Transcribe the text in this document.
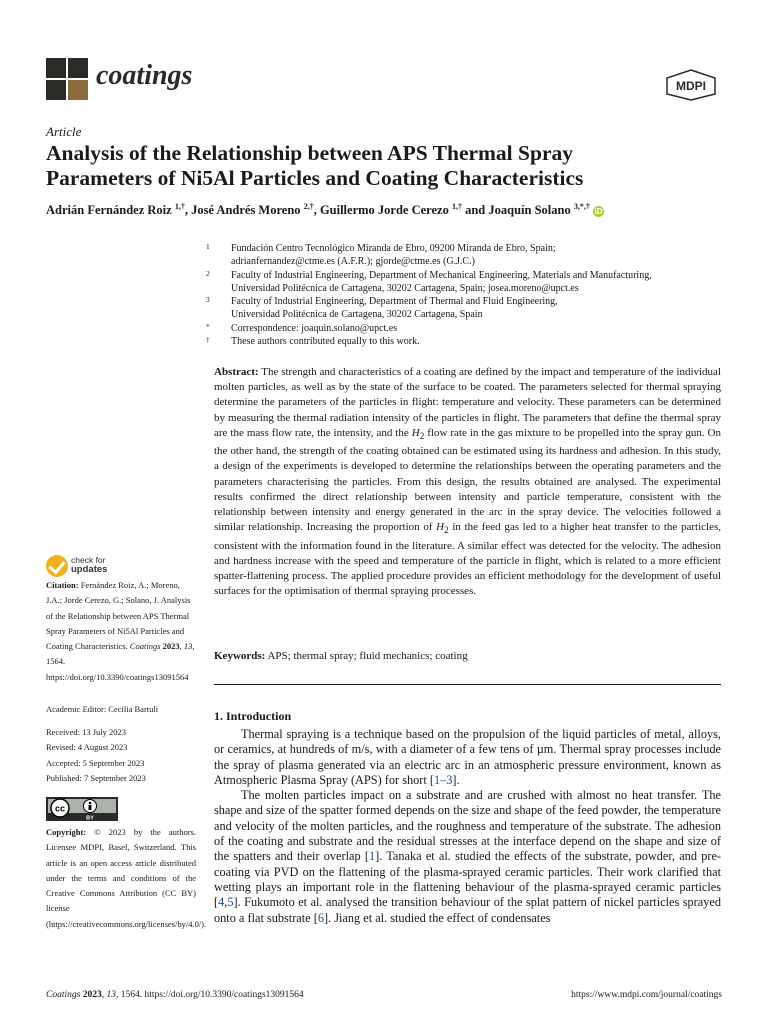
coatings	MDPI
Article
Analysis of the Relationship between APS Thermal Spray
Parameters of Ni5Al Particles and Coating Characteristics
Adrián Fernández Roiz $^{1,\dagger}$, José Andrés Moreno $^{2,\dagger}$, Guillermo Jorde Cerezo $^{1,\dagger}$ and Joaquín Solano $^{3,*,\dagger}$ iD
1 Fundación Centro Tecnológico Miranda de Ebro, 09200 Miranda de Ebro, Spain;
adrianfernandez@ctme.es (A.F.R.); gjorde@ctme.es (G.J.C.)
2 Faculty of Industrial Engineering, Department of Mechanical Engineering, Materials and Manufacturing,
Universidad Politécnica de Cartagena, 30202 Cartagena, Spain; josea.moreno@upct.es
3 Faculty of Industrial Engineering, Department of Thermal and Fluid Engineering,
Universidad Politécnica de Cartagena, 30202 Cartagena, Spain
* Correspondence: joaquin.solano@upct.es
† These authors contributed equally to this work.
Abstract: The strength and characteristics of a coating are defined by the impact and temperature of the individual molten particles, as well as by the state of the surface to be coated. The parameters selected for thermal spraying determine the parameters of the particles in flight: temperature and velocity. These parameters can be determined by measuring the thermal radiation intensity of the particles in flight. The parameters that define the thermal spray are the mass flow rate, the intensity, and the $H_2$ flow rate in the gas mixture to be propelled into the spray gun. On the other hand, the strength of the coating obtained can be estimated using its hardness and adhesion. In this study, a design of the experiments is developed to determine the relationships between the operating parameters and the parameters characterising the particles. From this design, the results obtained are analysed. The experimental results confirmed the direct relationship between intensity and particle temperature, consistent with the relationship between intensity and energy generated in the arc in the spray device. The velocities followed a similar relationship. Increasing the proportion of $H_2$ in the feed gas led to a higher heat transfer to the particles, consistent with the information found in the literature. A similar effect was detected for the velocity. The adhesion and hardness increase with the speed and temperature of the particle in flight, which is related to a more efficient spatter-flattening process. The applied procedure provides an efficient methodology for the development of useful surfaces for the optimisation of thermal spraying processes.
Keywords: APS; thermal spray; fluid mechanics; coating
check for
updates
Citation: Fernández Roiz, A.; Moreno, J.A.; Jorde Cerezo, G.; Solano, J. Analysis of the Relationship between APS Thermal Spray Parameters of Ni5Al Particles and Coating Characteristics. Coatings 2023, 13, 1564. https://doi.org/10.3390/coatings13091564
Academic Editor: Cecilia Bartuli
Received: 13 July 2023
Revised: 4 August 2023
Accepted: 5 September 2023
Published: 7 September 2023
cc
BY
Copyright: © 2023 by the authors. Licensee MDPI, Basel, Switzerland. This article is an open access article distributed under the terms and conditions of the Creative Commons Attribution (CC BY) license (https://creativecommons.org/licenses/by/4.0/).
1. Introduction

Thermal spraying is a technique based on the propulsion of the liquid particles of metal, alloys, or ceramics, at hundreds of m/s, with a diameter of a few tens of µm. Thermal spray processes include the spray of plasma generated via an electric arc in an atmospheric pressure environment, known as Atmospheric Plasma Spray (APS) for short [1–3].

The molten particles impact on a substrate and are crushed with almost no heat transfer. The shape and size of the spatter formed depends on the size and shape of the feed powder, the temperature and velocity of the molten particles, and the roughness and temperature of the substrate. The adhesion of the coating and substrate and the residual stresses at the interface depend on the shape and size of the spatters and their overlap [1]. Tanaka et al. studied the effects of the substrate, powder, and pre-coating via PVD on the flattening of the plasma-sprayed ceramic particles. Their work clarified that wetting plays an important role in the flattening behaviour of the plasma-sprayed ceramic particles [4,5]. Fukumoto et al. analysed the transition behaviour of the splat pattern of nickel particles sprayed onto a flat substrate [6]. Jiang et al. studied the effect of condensates

Coatings 2023, 13, 1564. https://doi.org/10.3390/coatings13091564	https://www.mdpi.com/journal/coatings
